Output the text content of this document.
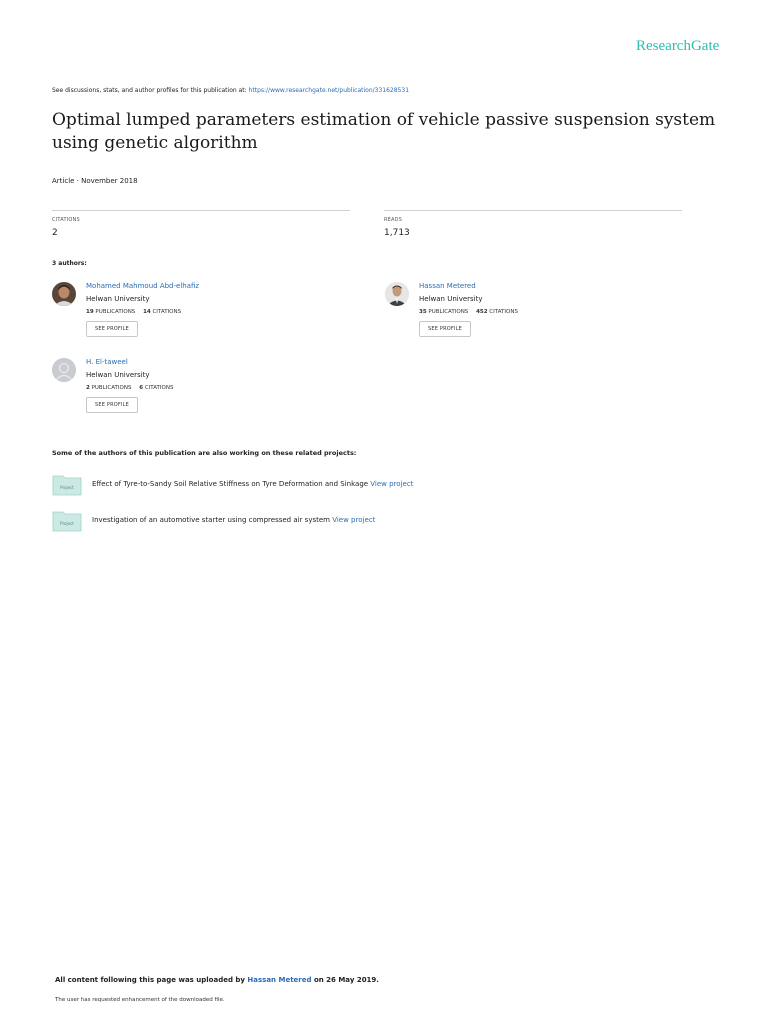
ResearchGate
See discussions, stats, and author profiles for this publication at: https://www.researchgate.net/publication/331628531
Optimal lumped parameters estimation of vehicle passive suspension system using genetic algorithm
Article · November 2018
CITATIONS
2
READS
1,713
3 authors:
Mohamed Mahmoud Abd-elhafiz
Helwan University
19 PUBLICATIONS 14 CITATIONS
SEE PROFILE
Hassan Metered
Helwan University
35 PUBLICATIONS 452 CITATIONS
SEE PROFILE
H. El-taweel
Helwan University
2 PUBLICATIONS 6 CITATIONS
SEE PROFILE
Some of the authors of this publication are also working on these related projects:
Project	Effect of Tyre-to-Sandy Soil Relative Stiffness on Tyre Deformation and Sinkage View project
Project	Investigation of an automotive starter using compressed air system View project
All content following this page was uploaded by Hassan Metered on 26 May 2019.
The user has requested enhancement of the downloaded file.
